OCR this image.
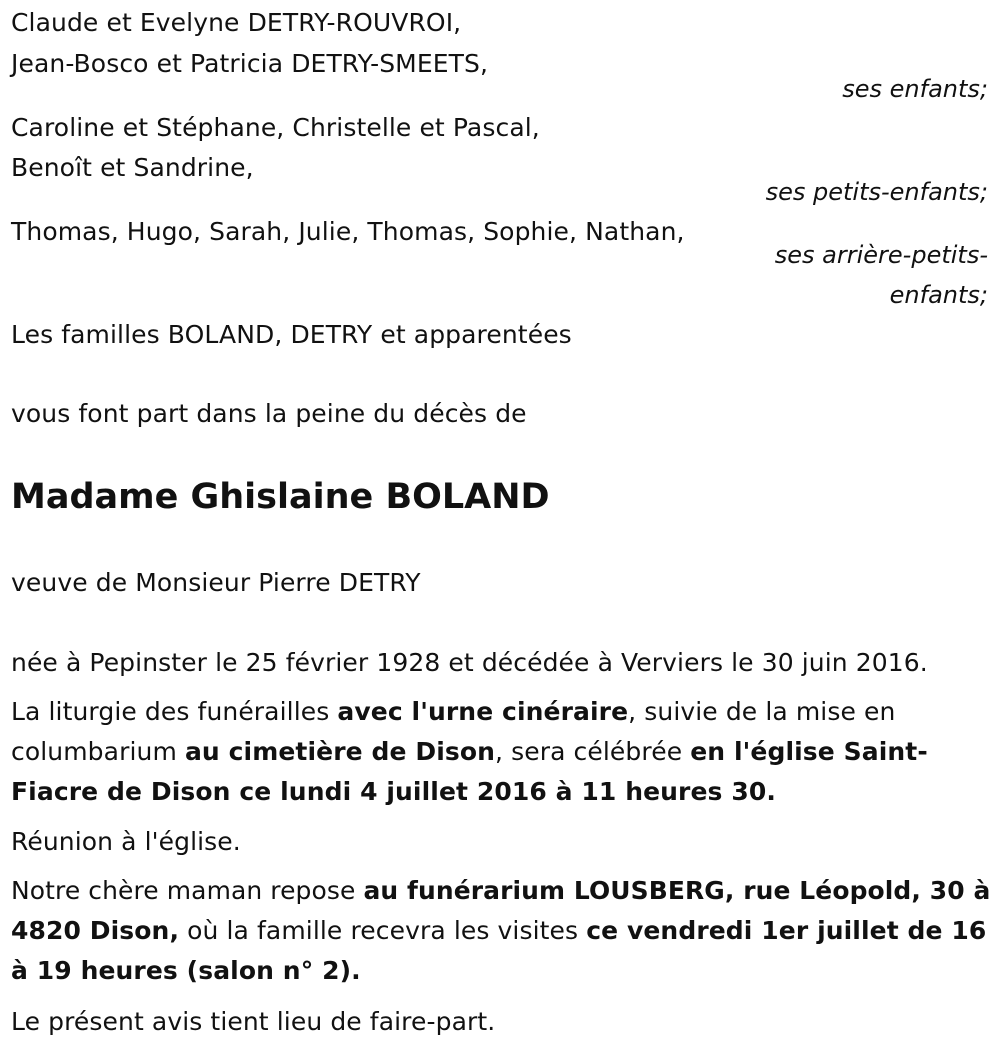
Claude et Evelyne DETRY-ROUVROI,
Jean-Bosco et Patricia DETRY-SMEETS,
ses enfants;
Caroline et Stéphane, Christelle et Pascal,
Benoît et Sandrine,
ses petits-enfants;
Thomas, Hugo, Sarah, Julie, Thomas, Sophie, Nathan,
ses arrière-petits-
enfants;
Les familles BOLAND, DETRY et apparentées
vous font part dans la peine du décès de
Madame Ghislaine BOLAND
veuve de Monsieur Pierre DETRY
née à Pepinster le 25 février 1928 et décédée à Verviers le 30 juin 2016.
La liturgie des funérailles avec l'urne cinéraire, suivie de la mise en
columbarium au cimetière de Dison, sera célébrée en l'église Saint-
Fiacre de Dison ce lundi 4 juillet 2016 à 11 heures 30.
Réunion à l'église.
Notre chère maman repose au funérarium LOUSBERG, rue Léopold, 30 à
4820 Dison, où la famille recevra les visites ce vendredi 1er juillet de 16
à 19 heures (salon n° 2).
Le présent avis tient lieu de faire-part.
